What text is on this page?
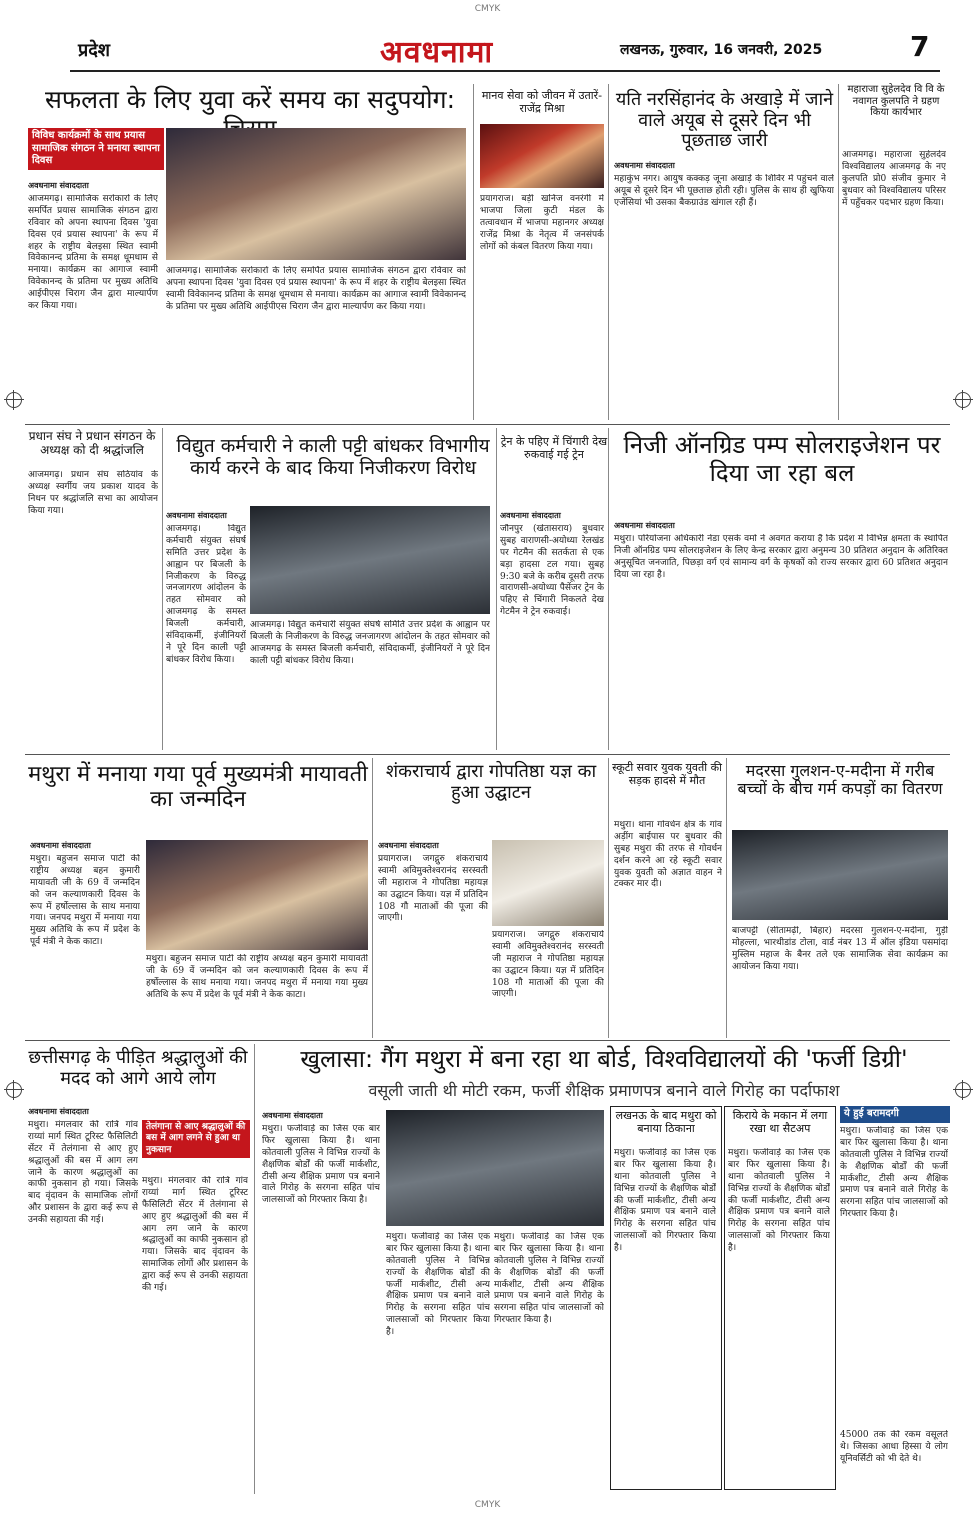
CMYK
प्रदेश	अवधनामा	लखनऊ, गुरुवार, 16 जनवरी, 2025	7
सफलता के लिए युवा करें समय का सदुपयोग:
विविध कार्यक्रमों के साथ प्रयास सामाजिक संगठन ने मनाया स्थापना दिवस
अवधनामा संवाददाता
आजमगढ़। सामाजिक सरोकारों के लिए समर्पित प्रयास सामाजिक संगठन द्वारा रविवार को अपना स्थापना दिवस 'युवा दिवस एवं प्रयास स्थापना' के रूप में शहर के राष्ट्रीय बेलइसा स्थित स्वामी विवेकानन्द प्रतिमा के समक्ष धूमधाम से मनाया। कार्यक्रम का आगाज स्वामी विवेकानन्द के प्रतिमा पर मुख्य अतिथि आईपीएस चिराग जैन द्वारा माल्यार्पण कर किया गया।
आजमगढ़। सामाजिक सरोकारों के लिए समर्पित प्रयास सामाजिक संगठन द्वारा रविवार को अपना स्थापना दिवस 'युवा दिवस एवं प्रयास स्थापना' के रूप में शहर के राष्ट्रीय बेलइसा स्थित स्वामी विवेकानन्द प्रतिमा के समक्ष धूमधाम से मनाया। कार्यक्रम का आगाज स्वामी विवेकानन्द के प्रतिमा पर मुख्य अतिथि आईपीएस चिराग जैन द्वारा माल्यार्पण कर किया गया।
मानव सेवा को जीवन में उतारें- राजेंद्र मिश्रा
प्रयागराज। बड़ी खनिज वनरंगी में भाजपा जिला कुटी मंडल के तत्वावधान में भाजपा महानगर अध्यक्ष राजेंद्र मिश्रा के नेतृत्व में जनसंपर्क लोगों को कंबल वितरण किया गया।
यति नरसिंहानंद के अखाड़े में जाने वाले अयूब से दूसरे दिन भी पूछताछ जारी
अवधनामा संवाददाता
महाकुंभ नगर। आयुष कक्कड़ जूना अखाड़े के शिविर में पहुंचने वाले अयूब से दूसरे दिन भी पूछताछ होती रही। पुलिस के साथ ही खुफिया एजेंसियां भी उसका बैकग्राउंड खंगाल रही हैं।
महाराजा सुहेलदेव वि वि के नवागत कुलपति ने ग्रहण किया कार्यभार
आजमगढ़। महाराजा सुहेलदेव विश्वविद्यालय आजमगढ़ के नए कुलपति प्रो0 संजीव कुमार ने बुधवार को विश्वविद्यालय परिसर में पहुँचकर पदभार ग्रहण किया।
प्रधान संघ ने प्रधान संगठन के अध्यक्ष को दी श्रद्धांजलि
आजमगढ़। प्रधान संघ सठियांव के अध्यक्ष स्वर्गीय जय प्रकाश यादव के निधन पर श्रद्धांजलि सभा का आयोजन किया गया।
विद्युत कर्मचारी ने काली पट्टी बांधकर विभागीय कार्य करने के बाद किया निजीकरण विरोध
अवधनामा संवाददाता
आजमगढ़। विद्युत कर्मचारी संयुक्त संघर्ष समिति उत्तर प्रदेश के आह्वान पर बिजली के निजीकरण के विरुद्ध जनजागरण आंदोलन के तहत सोमवार को आजमगढ़ के समस्त बिजली कर्मचारी, संविदाकर्मी, इंजीनियरों ने पूरे दिन काली पट्टी बांधकर विरोध किया।
आजमगढ़। विद्युत कर्मचारी संयुक्त संघर्ष समिति उत्तर प्रदेश के आह्वान पर बिजली के निजीकरण के विरुद्ध जनजागरण आंदोलन के तहत सोमवार को आजमगढ़ के समस्त बिजली कर्मचारी, संविदाकर्मी, इंजीनियरों ने पूरे दिन काली पट्टी बांधकर विरोध किया।
ट्रेन के पहिए में चिंगारी देख रुकवाई गई ट्रेन
अवधनामा संवाददाता
जौनपुर (खेतासराय) बुधवार सुबह वाराणसी-अयोध्या रेलखंड पर गेटमैन की सतर्कता से एक बड़ा हादसा टल गया। सुबह 9:30 बजे के करीब दूसरी तरफ वाराणसी-अयोध्या पैसेंजर ट्रेन के पहिए से चिंगारी निकलते देख गेटमैन ने ट्रेन रुकवाई।
निजी ऑनग्रिड पम्प सोलराइजेशन पर दिया जा रहा बल
अवधनामा संवाददाता
मथुरा। परियोजना अधिकारी नेडा एसके वर्मा ने अवगत कराया है कि प्रदेश में विभिन्न क्षमता के स्थापित निजी ऑनग्रिड पम्प सोलराइजेशन के लिए केन्द्र सरकार द्वारा अनुमन्य 30 प्रतिशत अनुदान के अतिरिक्त अनुसूचित जनजाति, पिछड़ा वर्ग एवं सामान्य वर्ग के कृषकों को राज्य सरकार द्वारा 60 प्रतिशत अनुदान दिया जा रहा है।
मथुरा में मनाया गया पूर्व मुख्यमंत्री मायावती का जन्मदिन
अवधनामा संवाददाता
मथुरा। बहुजन समाज पार्टी की राष्ट्रीय अध्यक्ष बहन कुमारी मायावती जी के 69 वें जन्मदिन को जन कल्याणकारी दिवस के रूप में हर्षोल्लास के साथ मनाया गया। जनपद मथुरा में मनाया गया मुख्य अतिथि के रूप में प्रदेश के पूर्व मंत्री ने केक काटा।
मथुरा। बहुजन समाज पार्टी की राष्ट्रीय अध्यक्ष बहन कुमारी मायावती जी के 69 वें जन्मदिन को जन कल्याणकारी दिवस के रूप में हर्षोल्लास के साथ मनाया गया। जनपद मथुरा में मनाया गया मुख्य अतिथि के रूप में प्रदेश के पूर्व मंत्री ने केक काटा।
शंकराचार्य द्वारा गोपतिष्ठा यज्ञ का हुआ उद्घाटन
अवधनामा संवाददाता
प्रयागराज। जगद्गुरु शंकराचार्य स्वामी अविमुक्तेश्वरानंद सरस्वती जी महाराज ने गोपतिष्ठा महायज्ञ का उद्घाटन किया। यज्ञ में प्रतिदिन 108 गौ माताओं की पूजा की जाएगी।
प्रयागराज। जगद्गुरु शंकराचार्य स्वामी अविमुक्तेश्वरानंद सरस्वती जी महाराज ने गोपतिष्ठा महायज्ञ का उद्घाटन किया। यज्ञ में प्रतिदिन 108 गौ माताओं की पूजा की जाएगी।
स्कूटी सवार युवक युवती की सड़क हादसे में मौत
मथुरा। थाना गोवर्धन क्षेत्र के गांव अड़ींग बाईपास पर बुधवार की सुबह मथुरा की तरफ से गोवर्धन दर्शन करने आ रहे स्कूटी सवार युवक युवती को अज्ञात वाहन ने टक्कर मार दी।
मदरसा गुलशन-ए-मदीना में गरीब बच्चों के बीच गर्म कपड़ों का वितरण
बाजपट्टी (सीतामढ़ी, बिहार) मदरसा गुलशन-ए-मदीना, गुड़ी मोहल्ला, भारथीडांड टोला, वार्ड नंबर 13 में ऑल इंडिया पसमांदा मुस्लिम महाज के बैनर तले एक सामाजिक सेवा कार्यक्रम का आयोजन किया गया।
छत्तीसगढ़ के पीड़ित श्रद्धालुओं की मदद को आगे आये लोग
अवधनामा संवाददाता
मथुरा। मंगलवार की रात्रि गांव राय्यां मार्ग स्थित टूरिस्ट फैसिलिटी सेंटर में तेलंगाना से आए हुए श्रद्धालुओं की बस में आग लग जाने के कारण श्रद्धालुओं का काफी नुकसान हो गया। जिसके बाद वृंदावन के सामाजिक लोगों और प्रशासन के द्वारा कई रूप से उनकी सहायता की गई।
तेलंगाना से आए श्रद्धालुओं की बस में आग लगने से हुआ था नुकसान
मथुरा। मंगलवार की रात्रि गांव राय्यां मार्ग स्थित टूरिस्ट फैसिलिटी सेंटर में तेलंगाना से आए हुए श्रद्धालुओं की बस में आग लग जाने के कारण श्रद्धालुओं का काफी नुकसान हो गया। जिसके बाद वृंदावन के सामाजिक लोगों और प्रशासन के द्वारा कई रूप से उनकी सहायता की गई।
खुलासा: गैंग मथुरा में बना रहा था बोर्ड, विश्वविद्यालयों की 'फर्जी डिग्री'
वसूली जाती थी मोटी रकम, फर्जी शैक्षिक प्रमाणपत्र बनाने वाले गिरोह का पर्दाफाश
अवधनामा संवाददाता
मथुरा। फर्जीवाड़े का जिस एक बार फिर खुलासा किया है। थाना कोतवाली पुलिस ने विभिन्न राज्यों के शैक्षणिक बोर्डों की फर्जी मार्कशीट, टीसी अन्य शैक्षिक प्रमाण पत्र बनाने वाले गिरोह के सरगना सहित पांच जालसाजों को गिरफ्तार किया है।
मथुरा। फर्जीवाड़े का जिस एक बार फिर खुलासा किया है। थाना कोतवाली पुलिस ने विभिन्न राज्यों के शैक्षणिक बोर्डों की फर्जी मार्कशीट, टीसी अन्य शैक्षिक प्रमाण पत्र बनाने वाले गिरोह के सरगना सहित पांच जालसाजों को गिरफ्तार किया है।
मथुरा। फर्जीवाड़े का जिस एक बार फिर खुलासा किया है। थाना कोतवाली पुलिस ने विभिन्न राज्यों के शैक्षणिक बोर्डों की फर्जी मार्कशीट, टीसी अन्य शैक्षिक प्रमाण पत्र बनाने वाले गिरोह के सरगना सहित पांच जालसाजों को गिरफ्तार किया है।
लखनऊ के बाद मथुरा को बनाया ठिकाना
मथुरा। फर्जीवाड़े का जिस एक बार फिर खुलासा किया है। थाना कोतवाली पुलिस ने विभिन्न राज्यों के शैक्षणिक बोर्डों की फर्जी मार्कशीट, टीसी अन्य शैक्षिक प्रमाण पत्र बनाने वाले गिरोह के सरगना सहित पांच जालसाजों को गिरफ्तार किया है।
किराये के मकान में लगा रखा था सैटअप
मथुरा। फर्जीवाड़े का जिस एक बार फिर खुलासा किया है। थाना कोतवाली पुलिस ने विभिन्न राज्यों के शैक्षणिक बोर्डों की फर्जी मार्कशीट, टीसी अन्य शैक्षिक प्रमाण पत्र बनाने वाले गिरोह के सरगना सहित पांच जालसाजों को गिरफ्तार किया है।
ये हुई बरामदगी
मथुरा। फर्जीवाड़े का जिस एक बार फिर खुलासा किया है। थाना कोतवाली पुलिस ने विभिन्न राज्यों के शैक्षणिक बोर्डों की फर्जी मार्कशीट, टीसी अन्य शैक्षिक प्रमाण पत्र बनाने वाले गिरोह के सरगना सहित पांच जालसाजों को गिरफ्तार किया है।
45000 तक की रकम वसूलते थे। जिसका आधा हिस्सा ये लोग यूनिवर्सिटी को भी देते थे।
CMYK
